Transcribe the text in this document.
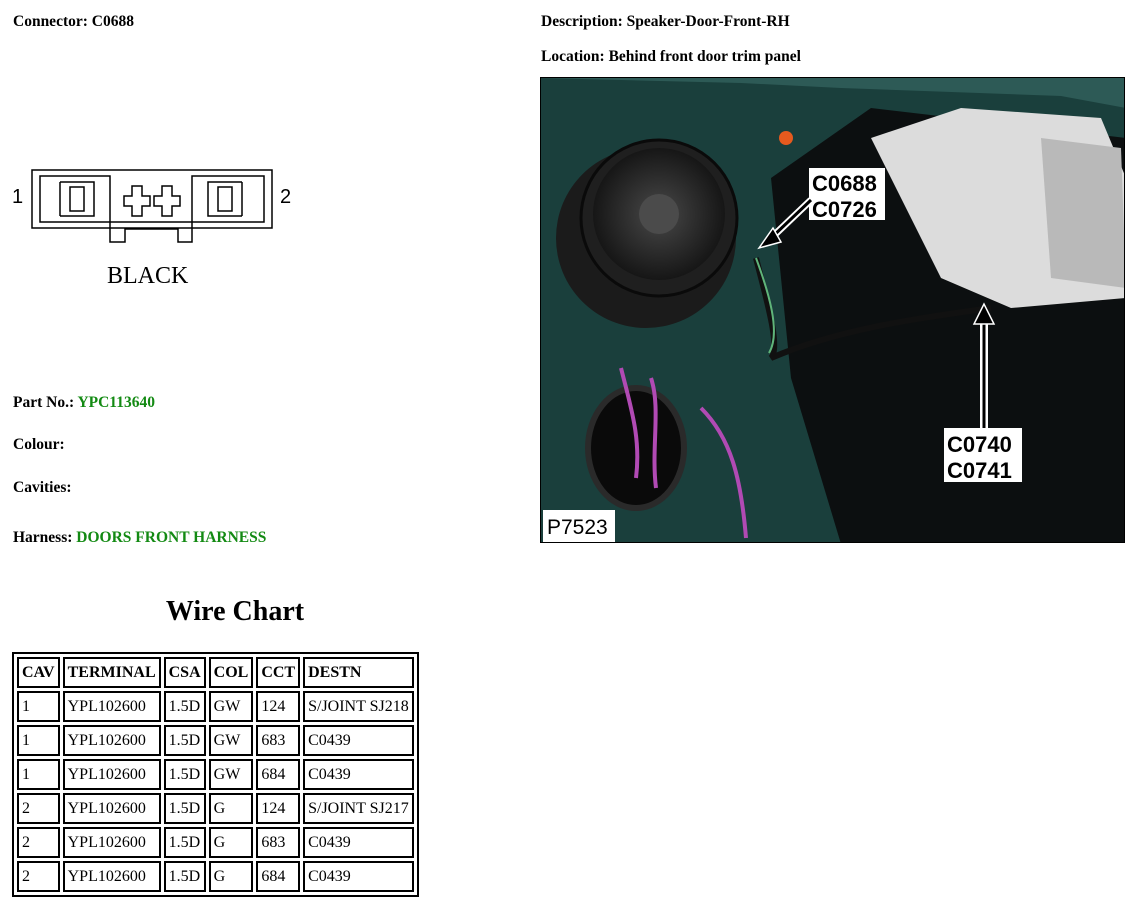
Connector: C0688	Description: Speaker-Door-Front-RH
Location: Behind front door trim panel
1	2
BLACK
Part No.: YPC113640
Colour:
Cavities:
Harness: DOORS FRONT HARNESS
C0688
C0726
C0740
C0741
P7523
Wire Chart
CAV	TERMINAL	CSA	COL	CCT	DESTN
1	YPL102600	1.5D	GW	124	S/JOINT SJ218
1	YPL102600	1.5D	GW	683	C0439
1	YPL102600	1.5D	GW	684	C0439
2	YPL102600	1.5D	G	124	S/JOINT SJ217
2	YPL102600	1.5D	G	683	C0439
2	YPL102600	1.5D	G	684	C0439
